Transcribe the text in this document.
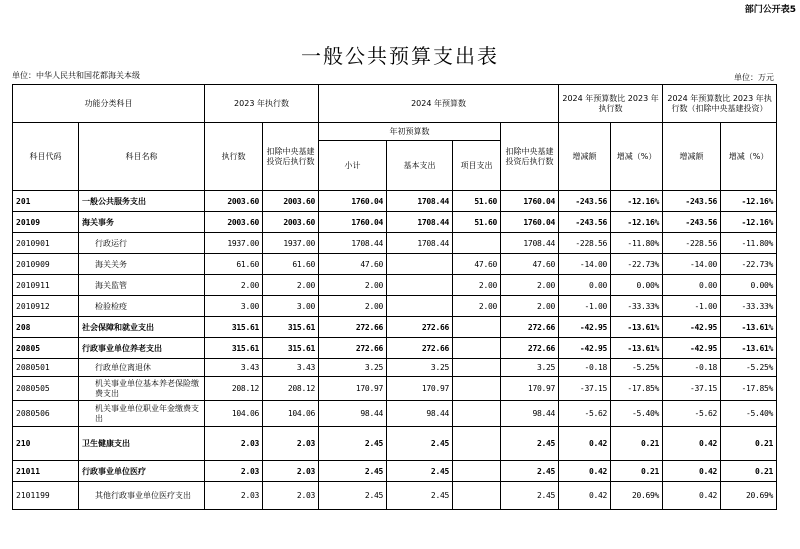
部门公开表5
一般公共预算支出表
单位：中华人民共和国花都海关本级	单位：万元
功能分类科目		2023 年执行数		2024 年预算数				2024 年预算数比 2023 年执行数		2024 年预算数比 2023 年执行数（扣除中央基建投资）	
科目代码	科目名称	执行数	扣除中央基建投资后执行数	年初预算数			扣除中央基建投资后执行数	增减额	增减（%）	增减额	增减（%）
				小计	基本支出	项目支出					
201	一般公共服务支出	2003.60	2003.60	1760.04	1708.44	51.60	1760.04	-243.56	-12.16%	-243.56	-12.16%
20109	海关事务	2003.60	2003.60	1760.04	1708.44	51.60	1760.04	-243.56	-12.16%	-243.56	-12.16%
2010901	行政运行	1937.00	1937.00	1708.44	1708.44		1708.44	-228.56	-11.80%	-228.56	-11.80%
2010909	海关关务	61.60	61.60	47.60		47.60	47.60	-14.00	-22.73%	-14.00	-22.73%
2010911	海关监管	2.00	2.00	2.00		2.00	2.00	0.00	0.00%	0.00	0.00%
2010912	检验检疫	3.00	3.00	2.00		2.00	2.00	-1.00	-33.33%	-1.00	-33.33%
208	社会保障和就业支出	315.61	315.61	272.66	272.66		272.66	-42.95	-13.61%	-42.95	-13.61%
20805	行政事业单位养老支出	315.61	315.61	272.66	272.66		272.66	-42.95	-13.61%	-42.95	-13.61%
2080501	行政单位离退休	3.43	3.43	3.25	3.25		3.25	-0.18	-5.25%	-0.18	-5.25%
2080505	机关事业单位基本养老保险缴费支出	208.12	208.12	170.97	170.97		170.97	-37.15	-17.85%	-37.15	-17.85%
2080506	机关事业单位职业年金缴费支出	104.06	104.06	98.44	98.44		98.44	-5.62	-5.40%	-5.62	-5.40%
210	卫生健康支出	2.03	2.03	2.45	2.45		2.45	0.42	0.21	0.42	0.21
21011	行政事业单位医疗	2.03	2.03	2.45	2.45		2.45	0.42	0.21	0.42	0.21
2101199	其他行政事业单位医疗支出	2.03	2.03	2.45	2.45		2.45	0.42	20.69%	0.42	20.69%
